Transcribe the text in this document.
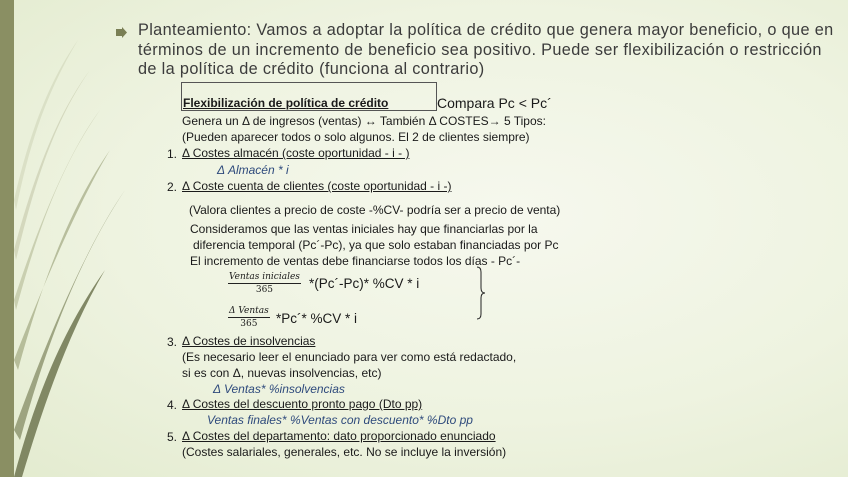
Planteamiento: Vamos a adoptar la política de crédito que genera mayor beneficio, o que en términos de un incremento de beneficio sea positivo. Puede ser flexibilización o restricción de la política de crédito (funciona al contrario)
Flexibilización de política de crédito	Compara Pc < Pc´
Genera un Δ de ingresos (ventas) ↔ También Δ COSTES→ 5 Tipos:
(Pueden aparecer todos o solo algunos. El 2 de clientes siempre)
1. Δ Costes almacén (coste oportunidad - i - )
Δ Almacén * i
2. Δ Coste cuenta de clientes (coste oportunidad - i -)
(Valora clientes a precio de coste -%CV- podría ser a precio de venta)
Consideramos que las ventas iniciales hay que financiarlas por la
diferencia temporal (Pc´-Pc), ya que solo estaban financiadas por Pc
El incremento de ventas debe financiarse todos los días - Pc´-
Ventas iniciales
365	*(Pc´-Pc)* %CV * i
Δ Ventas
365 *Pc´* %CV * i
3. Δ Costes de insolvencias
(Es necesario leer el enunciado para ver como está redactado,
si es con Δ, nuevas insolvencias, etc)
Δ Ventas* %insolvencias
4. Δ Costes del descuento pronto pago (Dto pp)
Ventas finales* %Ventas con descuento* %Dto pp
5. Δ Costes del departamento: dato proporcionado enunciado
(Costes salariales, generales, etc. No se incluye la inversión)
